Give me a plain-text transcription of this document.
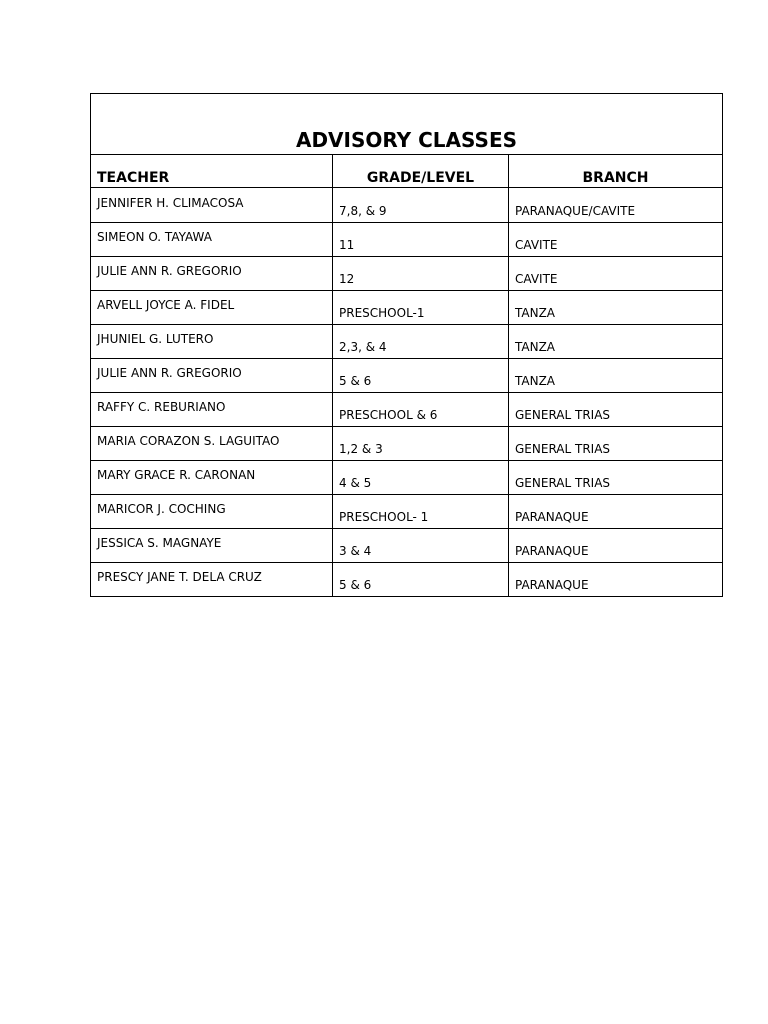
ADVISORY CLASSES		
TEACHER	GRADE/LEVEL	BRANCH
JENNIFER H. CLIMACOSA	7,8, & 9	PARANAQUE/CAVITE
SIMEON O. TAYAWA	11	CAVITE
JULIE ANN R. GREGORIO	12	CAVITE
ARVELL JOYCE A. FIDEL	PRESCHOOL-1	TANZA
JHUNIEL G. LUTERO	2,3, & 4	TANZA
JULIE ANN R. GREGORIO	5 & 6	TANZA
RAFFY C. REBURIANO	PRESCHOOL & 6	GENERAL TRIAS
MARIA CORAZON S. LAGUITAO	1,2 & 3	GENERAL TRIAS
MARY GRACE R. CARONAN	4 & 5	GENERAL TRIAS
MARICOR J. COCHING	PRESCHOOL- 1	PARANAQUE
JESSICA S. MAGNAYE	3 & 4	PARANAQUE
PRESCY JANE T. DELA CRUZ	5 & 6	PARANAQUE
